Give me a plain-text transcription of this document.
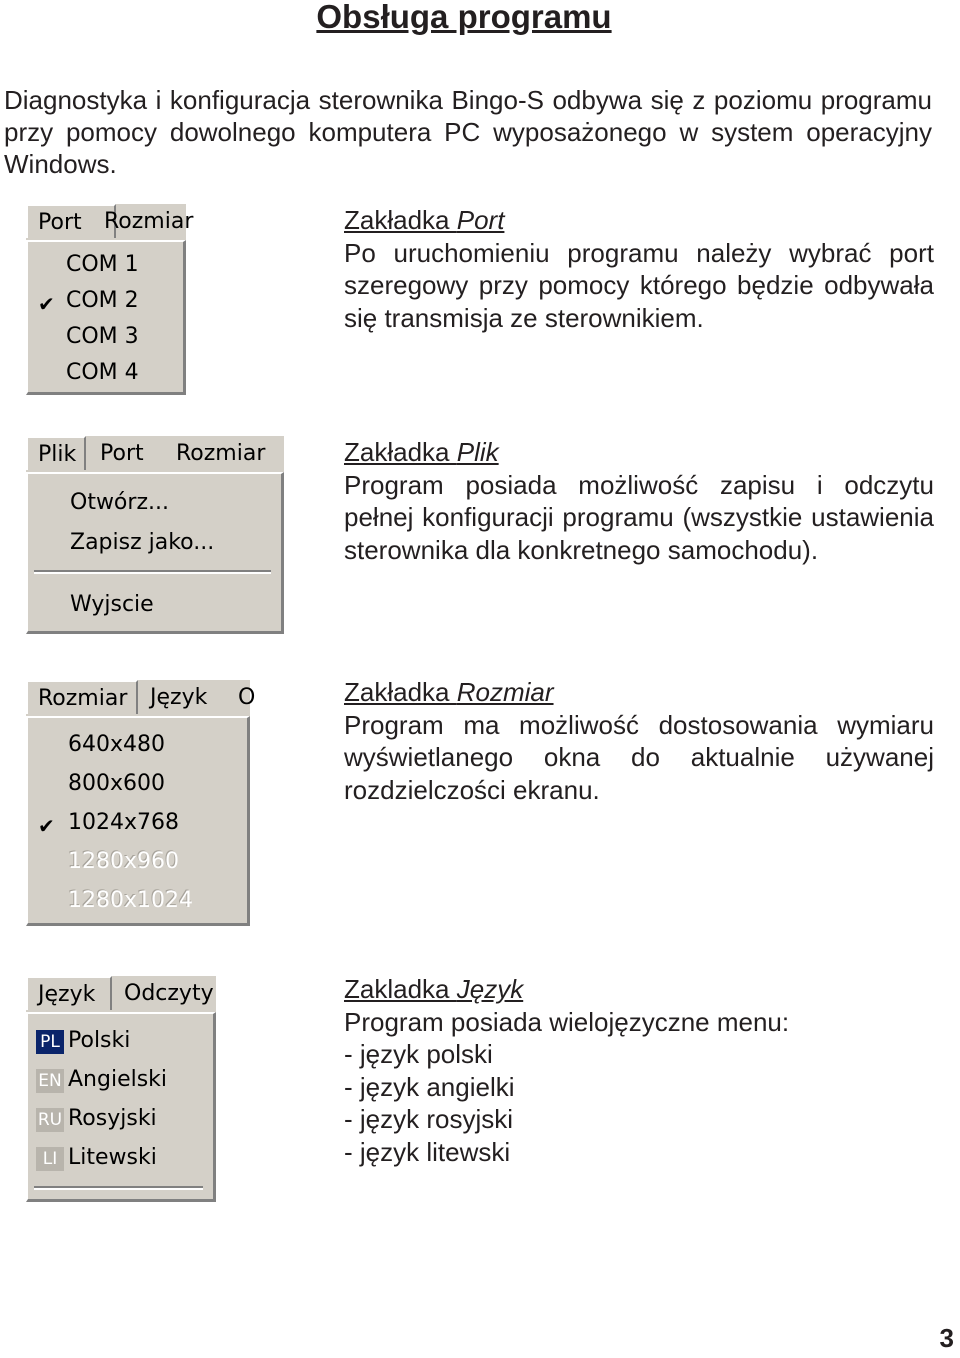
Obsługa programu

Diagnostyka i konfiguracja sterownika Bingo-S odbywa się z poziomu programu przy pomocy dowolnego komputera PC wyposażonego w system operacyjny Windows.

Port	Rozmiar
COM 1
✔ COM 2
COM 3
COM 4
Zakładka Port

Po uruchomieniu programu należy wybrać port szeregowy przy pomocy którego będzie odbywała się transmisja ze sterownikiem.

Plik	Port Rozmiar
Otwórz...
Zapisz jako...
Wyjscie
Zakładka Plik

Program posiada możliwość zapisu i odczytu pełnej konfiguracji programu (wszystkie ustawienia sterownika dla konkretnego samochodu).

Rozmiar	Język O
640x480
800x600
✔ 1024x768
1280x960
1280x1024
Zakładka Rozmiar

Program ma możliwość dostosowania wymiaru wyświetlanego okna do aktualnie używanej rozdzielczości ekranu.

Język	Odczyty
PL Polski
EN Angielski
RU Rosyjski
LI Litewski
Zakladka Język
Program posiada wielojęzyczne menu:
- język polski
- język angielki
- język rosyjski
- język litewski
3
